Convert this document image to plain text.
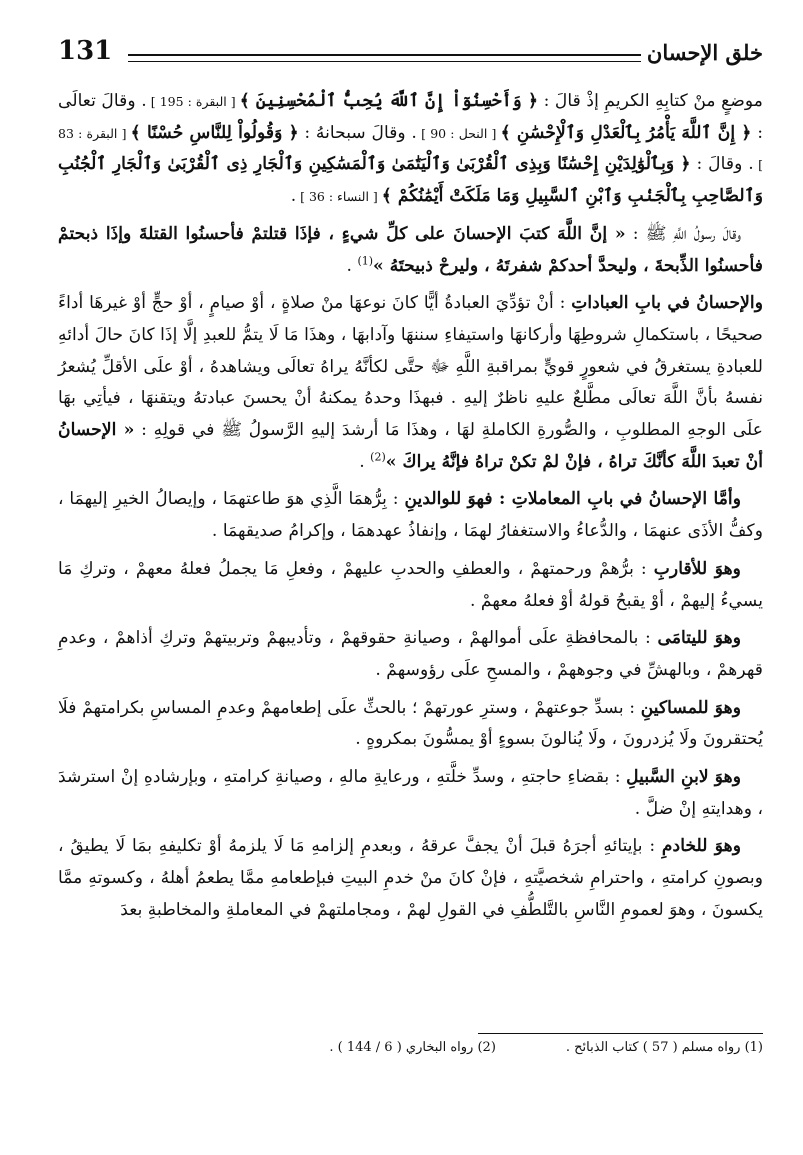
خلق الإحسان
131

موضعٍ منْ كتابِهِ الكريمِ إذْ قالَ : ﴿ وَأَحْسِنُوٓاْ إِنَّ ٱللَّهَ يُحِبُّ ٱلْمُحْسِنِينَ ﴾ [ البقرة : 195 ] . وقالَ تعالَى : ﴿ إِنَّ ٱللَّهَ يَأْمُرُ بِٱلْعَدْلِ وَٱلْإِحْسَٰنِ ﴾ [ النحل : 90 ] . وقالَ سبحانهُ : ﴿ وَقُولُواْ لِلنَّاسِ حُسْنًا ﴾ [ البقرة : 83 ] . وقالَ : ﴿ وَبِٱلْوَٰلِدَيْنِ إِحْسَٰنًا وَبِذِى ٱلْقُرْبَىٰ وَٱلْيَتَٰمَىٰ وَٱلْمَسَٰكِينِ وَٱلْجَارِ ذِى ٱلْقُرْبَىٰ وَٱلْجَارِ ٱلْجُنُبِ وَٱلصَّاحِبِ بِٱلْجَنۢبِ وَٱبْنِ ٱلسَّبِيلِ وَمَا مَلَكَتْ أَيْمَٰنُكُمْ ﴾ [ النساء : 36 ] .

وقالَ رسولُ اللَّهِ ﷺ : « إنَّ اللَّهَ كتبَ الإحسانَ على كلِّ شيءٍ ، فإذَا قتلتمْ فأحسنُوا القتلةَ وإذَا ذبحتمْ فأحسنُوا الذِّبحةَ ، وليحدَّ أحدكمْ شفرتَهُ ، وليرحْ ذبيحتَهُ »$^{(1)}$ .

والإحسانُ في بابِ العباداتِ : أنْ تؤدِّيَ العبادةُ أيًّا كانَ نوعهَا منْ صلاةٍ ، أوْ صيامٍ ، أوْ حجٍّ أوْ غيرهَا أداءً صحيحًا ، باستكمالِ شروطِهَا وأركانهَا واستيفاءِ سننهَا وآدابهَا ، وهذَا مَا لَا يتمُّ للعبدِ إلَّا إذَا كانَ حالَ أدائهِ للعبادةِ يستغرقُ في شعورٍ قويٍّ بمراقبةِ اللَّهِ ﷻ حتَّى لكأنَّهُ يراهُ تعالَى ويشاهدهُ ، أوْ علَى الأقلِّ يُشعرُ نفسهُ بأنَّ اللَّهَ تعالَى مطَّلعٌ عليهِ ناظرٌ إليهِ . فبهذَا وحدهُ يمكنهُ أنْ يحسنَ عبادتهُ ويتقنهَا ، فيأتِي بهَا علَى الوجهِ المطلوبِ ، والصُّورةِ الكاملةِ لهَا ، وهذَا مَا أرشدَ إليهِ الرَّسولُ ﷺ في قولِهِ : « الإحسانُ أنْ تعبدَ اللَّهَ كأنَّكَ تراهُ ، فإنْ لمْ تكنْ تراهُ فإنَّهُ يراكَ »$^{(2)}$ .

وأمَّا الإحسانُ في بابِ المعاملاتِ : فهوَ للوالدينِ : بِرُّهمَا الَّذِي هوَ طاعتهمَا ، وإيصالُ الخيرِ إليهمَا ، وكفُّ الأذَى عنهمَا ، والدُّعاءُ والاستغفارُ لهمَا ، وإنفاذُ عهدهمَا ، وإكرامُ صديقهمَا .

وهوَ للأقاربِ : برُّهمْ ورحمتهمْ ، والعطفِ والحدبِ عليهمْ ، وفعلِ مَا يجملُ فعلهُ معهمْ ، وتركِ مَا يسيءُ إليهمْ ، أوْ يقبحُ قولهُ أوْ فعلهُ معهمْ .

وهوَ لليتامَى : بالمحافظةِ علَى أموالهمْ ، وصيانةِ حقوقهمْ ، وتأديبهمْ وتربيتهمْ وتركِ أذاهمْ ، وعدمِ قهرهمْ ، وبالهشِّ في وجوههمْ ، والمسحِ علَى رؤوسهمْ .

وهوَ للمساكينِ : بسدِّ جوعتهمْ ، وسترِ عورتهمْ ؛ بالحثِّ علَى إطعامهمْ وعدمِ المساسِ بكرامتهمْ فلَا يُحتقرونَ ولَا يُزدرونَ ، ولَا يُنالونَ بسوءٍ أوْ يمسُّونَ بمكروهٍ .

وهوَ لابنِ السَّبيلِ : بقضاءِ حاجتهِ ، وسدِّ خلَّتهِ ، ورعايةِ مالهِ ، وصيانةِ كرامتهِ ، وبإرشادهِ إنْ استرشدَ ، وهدايتهِ إنْ ضلَّ .

وهوَ للخادمِ : بإيتائهِ أجرَهُ قبلَ أنْ يجفَّ عرقهُ ، وبعدمِ إلزامهِ مَا لَا يلزمهُ أوْ تكليفهِ بمَا لَا يطيقُ ، وبصونِ كرامتهِ ، واحترامِ شخصيَّتهِ ، فإنْ كانَ منْ خدمِ البيتِ فبإطعامهِ ممَّا يطعمُ أهلهُ ، وكسوتهِ ممَّا يكسونَ ، وهوَ لعمومِ النَّاسِ بالتَّلطُّفِ في القولِ لهمْ ، ومجاملتهمْ في المعاملةِ والمخاطبةِ بعدَ

(1) رواه مسلم ( 57 ) كتاب الذبائح .
(2) رواه البخاري ( 6 / 144 ) .
